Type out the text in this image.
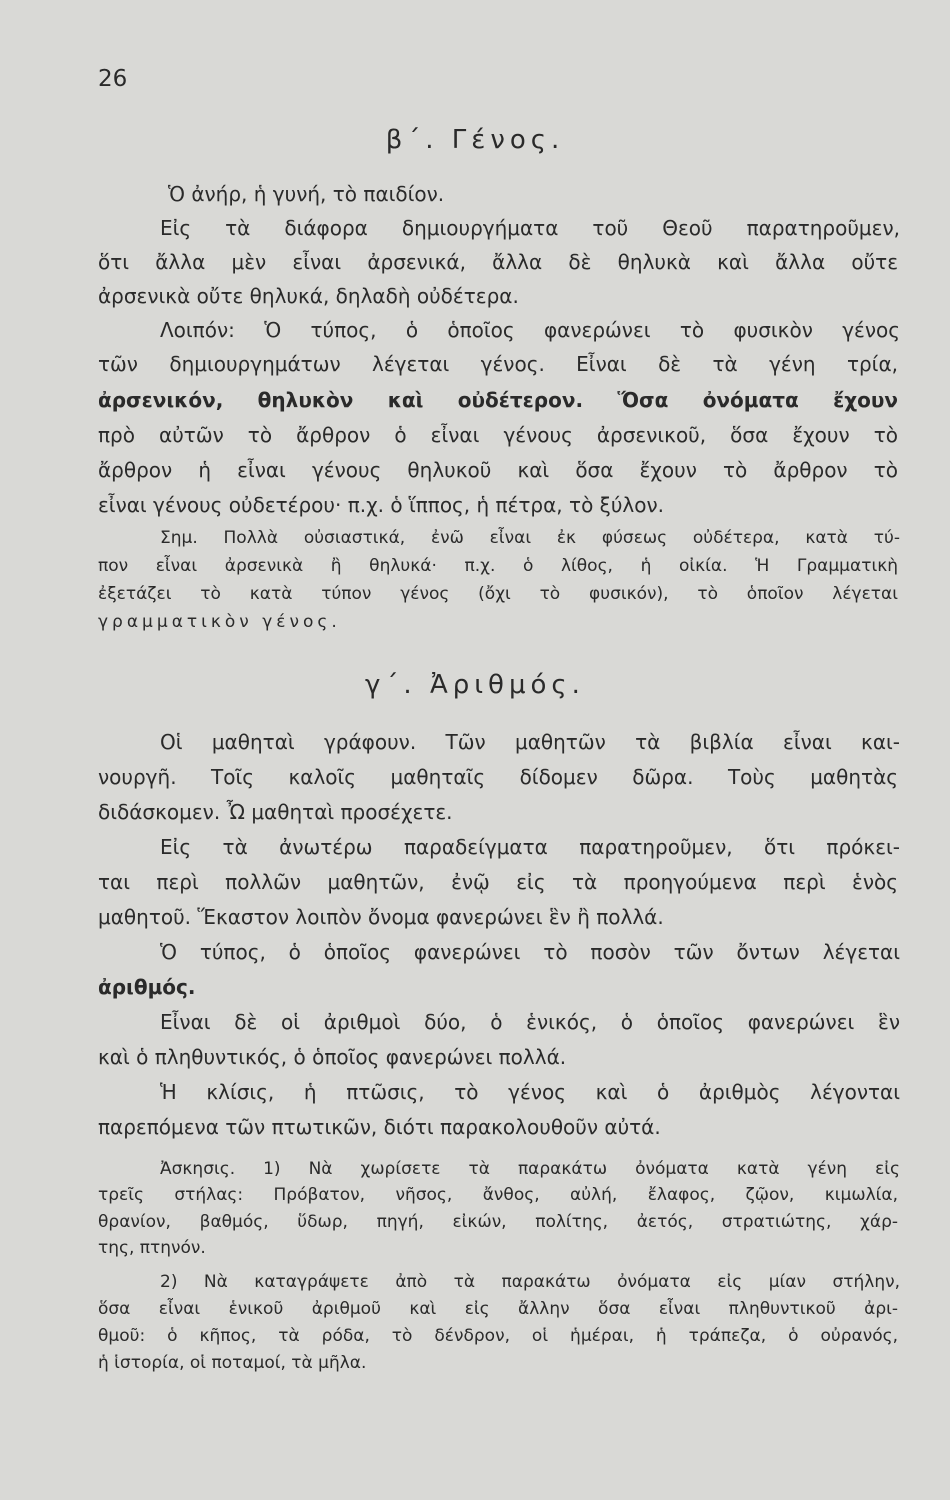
26
β΄. Γένος.
Ὁ ἀνήρ, ἡ γυνή, τὸ παιδίον.
Εἰς τὰ διάφορα δημιουργήματα τοῦ Θεοῦ παρατηροῦμεν,
ὅτι ἄλλα μὲν εἶναι ἀρσενικά, ἄλλα δὲ θηλυκὰ καὶ ἄλλα οὔτε
ἀρσενικὰ οὔτε θηλυκά, δηλαδὴ οὐδέτερα.
Λοιπόν: Ὁ τύπος, ὁ ὁποῖος φανερώνει τὸ φυσικὸν γένος
τῶν δημιουργημάτων λέγεται γένος. Εἶναι δὲ τὰ γένη τρία,
ἀρσενικόν, θηλυκὸν καὶ οὐδέτερον. Ὅσα ὀνόματα ἔχουν
πρὸ αὐτῶν τὸ ἄρθρον ὁ εἶναι γένους ἀρσενικοῦ, ὅσα ἔχουν τὸ
ἄρθρον ἡ εἶναι γένους θηλυκοῦ καὶ ὅσα ἔχουν τὸ ἄρθρον τὸ
εἶναι γένους οὐδετέρου· π.χ. ὁ ἵππος, ἡ πέτρα, τὸ ξύλον.
Σημ. Πολλὰ οὐσιαστικά, ἐνῶ εἶναι ἐκ φύσεως οὐδέτερα, κατὰ τύ-
πον εἶναι ἀρσενικὰ ἢ θηλυκά· π.χ. ὁ λίθος, ἡ οἰκία. Ἡ Γραμματικὴ
ἐξετάζει τὸ κατὰ τύπον γένος (ὄχι τὸ φυσικόν), τὸ ὁποῖον λέγεται
γραμματικὸν γένος.
γ΄. Ἀριθμός.
Οἱ μαθηταὶ γράφουν. Τῶν μαθητῶν τὰ βιβλία εἶναι και-
νουργῆ. Τοῖς καλοῖς μαθηταῖς δίδομεν δῶρα. Τοὺς μαθητὰς
διδάσκομεν. Ὦ μαθηταὶ προσέχετε.
Εἰς τὰ ἀνωτέρω παραδείγματα παρατηροῦμεν, ὅτι πρόκει-
ται περὶ πολλῶν μαθητῶν, ἐνῷ εἰς τὰ προηγούμενα περὶ ἑνὸς
μαθητοῦ. Ἕκαστον λοιπὸν ὄνομα φανερώνει ἓν ἢ πολλά.
Ὁ τύπος, ὁ ὁποῖος φανερώνει τὸ ποσὸν τῶν ὄντων λέγεται
ἀριθμός.
Εἶναι δὲ οἱ ἀριθμοὶ δύο, ὁ ἑνικός, ὁ ὁποῖος φανερώνει ἓν
καὶ ὁ πληθυντικός, ὁ ὁποῖος φανερώνει πολλά.
Ἡ κλίσις, ἡ πτῶσις, τὸ γένος καὶ ὁ ἀριθμὸς λέγονται
παρεπόμενα τῶν πτωτικῶν, διότι παρακολουθοῦν αὐτά.
Ἀσκησις. 1) Νὰ χωρίσετε τὰ παρακάτω ὀνόματα κατὰ γένη εἰς
τρεῖς στήλας: Πρόβατον, νῆσος, ἄνθος, αὐλή, ἔλαφος, ζῷον, κιμωλία,
θρανίον, βαθμός, ὕδωρ, πηγή, εἰκών, πολίτης, ἀετός, στρατιώτης, χάρ-
της, πτηνόν.
2) Νὰ καταγράψετε ἀπὸ τὰ παρακάτω ὀνόματα εἰς μίαν στήλην,
ὅσα εἶναι ἑνικοῦ ἀριθμοῦ καὶ εἰς ἄλλην ὅσα εἶναι πληθυντικοῦ ἀρι-
θμοῦ: ὁ κῆπος, τὰ ρόδα, τὸ δένδρον, οἱ ἡμέραι, ἡ τράπεζα, ὁ οὐρανός,
ἡ ἱστορία, οἱ ποταμοί, τὰ μῆλα.
